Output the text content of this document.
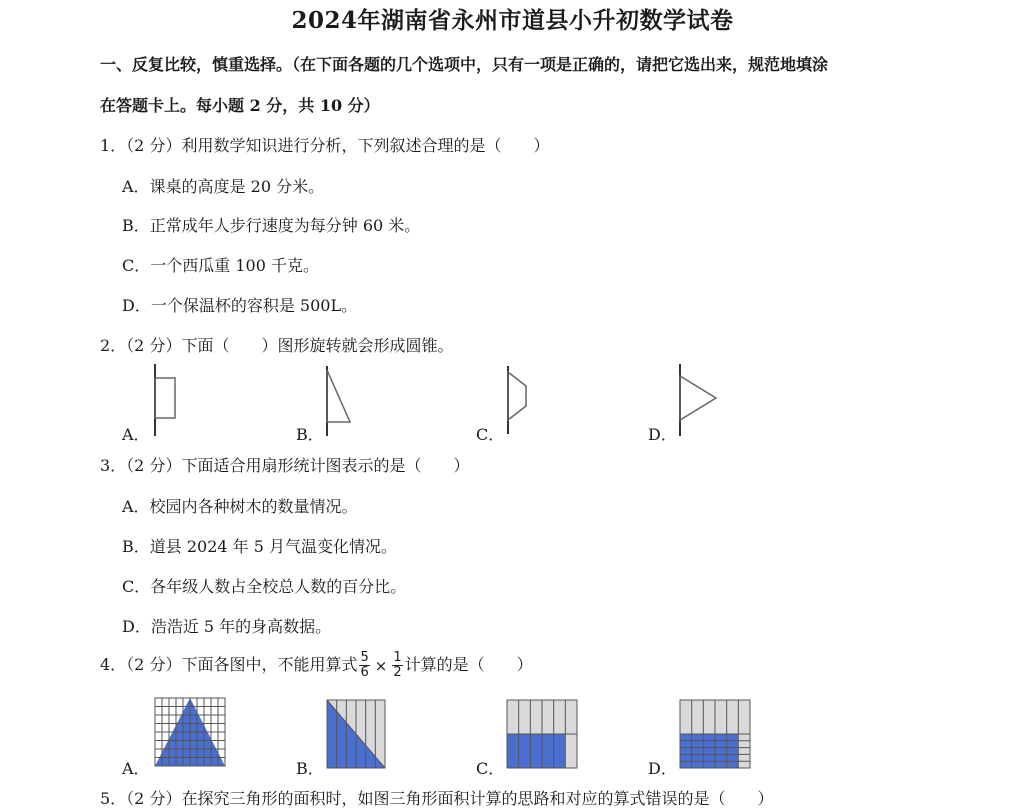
2024年湖南省永州市道县小升初数学试卷
一、反复比较，慎重选择。（在下面各题的几个选项中，只有一项是正确的，请把它选出来，规范地填涂
在答题卡上。每小题 2 分，共 10 分）
1．（2 分）利用数学知识进行分析，下列叙述合理的是（　　）
A．课桌的高度是 20 分米。
B．正常成年人步行速度为每分钟 60 米。
C．一个西瓜重 100 千克。
D．一个保温杯的容积是 500L。
2．（2 分）下面（　　）图形旋转就会形成圆锥。
A．	B．	C．	D．
3．（2 分）下面适合用扇形统计图表示的是（　　）
A．校园内各种树木的数量情况。
B．道县 2024 年 5 月气温变化情况。
C．各年级人数占全校总人数的百分比。
D．浩浩近 5 年的身高数据。
4．（2 分）下面各图中，不能用算式 $\frac{5}{6} \times \frac{1}{2}$ 计算的是（　　）
A．	B．	C．	D．
5．（2 分）在探究三角形的面积时，如图三角形面积计算的思路和对应的算式错误的是（　　）
